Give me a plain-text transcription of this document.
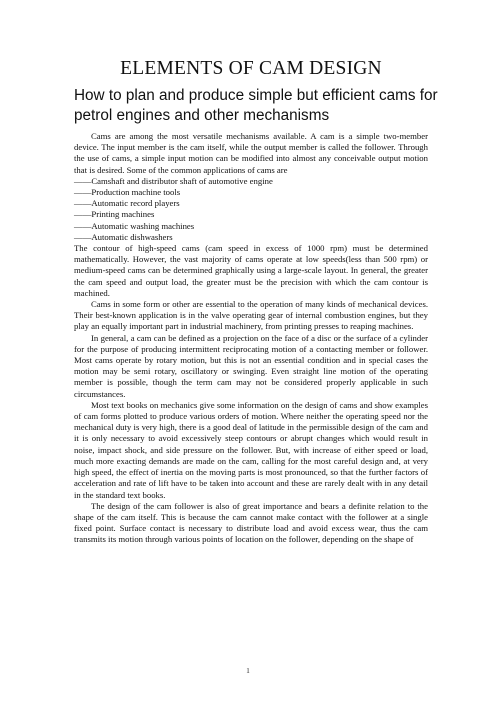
ELEMENTS OF CAM DESIGN
How to plan and produce simple but efficient cams for
petrol engines and other mechanisms

Cams are among the most versatile mechanisms available. A cam is a simple two-member device. The input member is the cam itself, while the output member is called the follower. Through the use of cams, a simple input motion can be modified into almost any conceivable output motion that is desired. Some of the common applications of cams are

——Camshaft and distributor shaft of automotive engine
——Production machine tools
——Automatic record players
——Printing machines
——Automatic washing machines
——Automatic dishwashers

The contour of high-speed cams (cam speed in excess of 1000 rpm) must be determined mathematically. However, the vast majority of cams operate at low speeds(less than 500 rpm) or medium-speed cams can be determined graphically using a large-scale layout. In general, the greater the cam speed and output load, the greater must be the precision with which the cam contour is machined.

Cams in some form or other are essential to the operation of many kinds of mechanical devices. Their best-known application is in the valve operating gear of internal combustion engines, but they play an equally important part in industrial machinery, from printing presses to reaping machines.

In general, a cam can be defined as a projection on the face of a disc or the surface of a cylinder for the purpose of producing intermittent reciprocating motion of a contacting member or follower. Most cams operate by rotary motion, but this is not an essential condition and in special cases the motion may be semi rotary, oscillatory or swinging. Even straight line motion of the operating member is possible, though the term cam may not be considered properly applicable in such circumstances.

Most text books on mechanics give some information on the design of cams and show examples of cam forms plotted to produce various orders of motion. Where neither the operating speed nor the mechanical duty is very high, there is a good deal of latitude in the permissible design of the cam and it is only necessary to avoid excessively steep contours or abrupt changes which would result in noise, impact shock, and side pressure on the follower. But, with increase of either speed or load, much more exacting demands are made on the cam, calling for the most careful design and, at very high speed, the effect of inertia on the moving parts is most pronounced, so that the further factors of acceleration and rate of lift have to be taken into account and these are rarely dealt with in any detail in the standard text books.

The design of the cam follower is also of great importance and bears a definite relation to the shape of the cam itself. This is because the cam cannot make contact with the follower at a single fixed point. Surface contact is necessary to distribute load and avoid excess wear, thus the cam transmits its motion through various points of location on the follower, depending on the shape of

1
